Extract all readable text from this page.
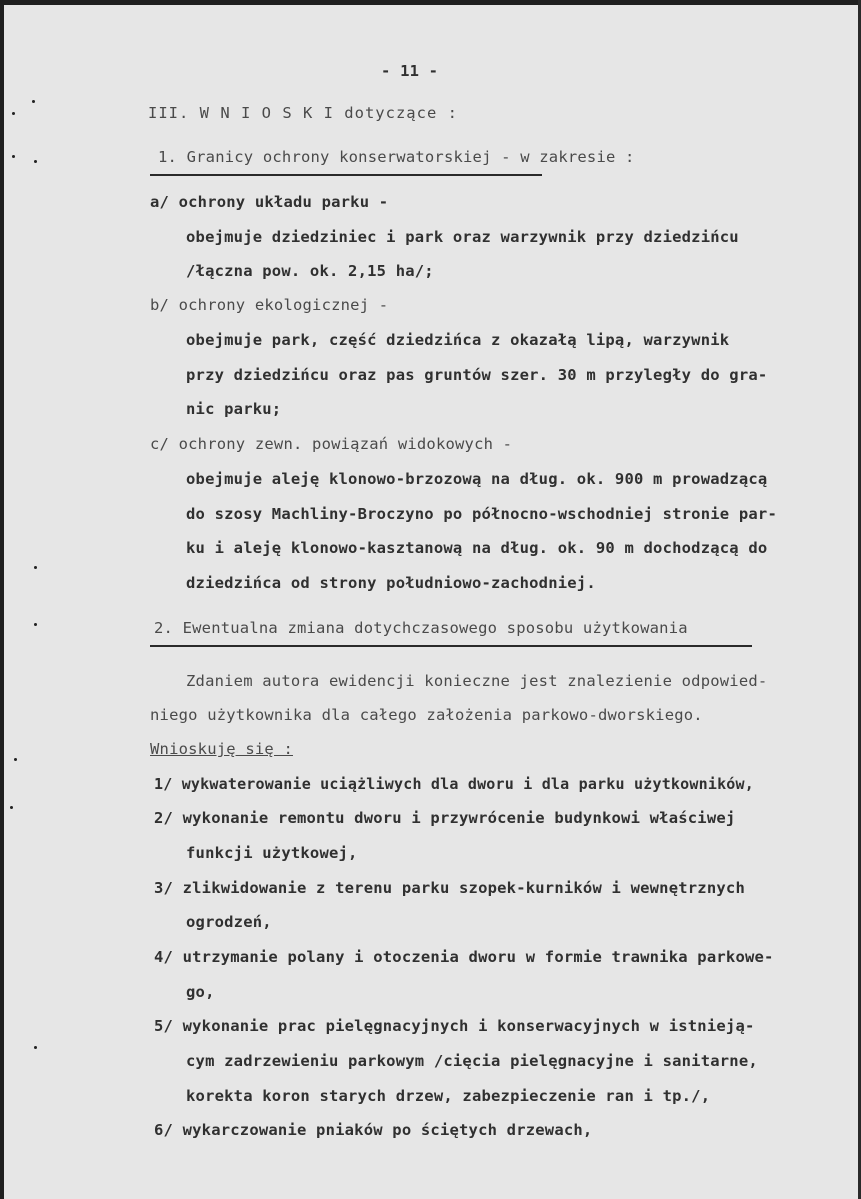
- 11 -
III. W N I O S K I dotyczące :
1. Granicy ochrony konserwatorskiej - w zakresie :
a/ ochrony układu parku -
obejmuje dziedziniec i park oraz warzywnik przy dziedzińcu
/łączna pow. ok. 2,15 ha/;
b/ ochrony ekologicznej -
obejmuje park, część dziedzińca z okazałą lipą, warzywnik
przy dziedzińcu oraz pas gruntów szer. 30 m przyległy do gra-
nic parku;
c/ ochrony zewn. powiązań widokowych -
obejmuje aleję klonowo-brzozową na dług. ok. 900 m prowadzącą
do szosy Machliny-Broczyno po północno-wschodniej stronie par-
ku i aleję klonowo-kasztanową na dług. ok. 90 m dochodzącą do
dziedzińca od strony południowo-zachodniej.
2. Ewentualna zmiana dotychczasowego sposobu użytkowania
Zdaniem autora ewidencji konieczne jest znalezienie odpowied-
niego użytkownika dla całego założenia parkowo-dworskiego.
Wnioskuję się :
1/ wykwaterowanie uciążliwych dla dworu i dla parku użytkowników,
2/ wykonanie remontu dworu i przywrócenie budynkowi właściwej
funkcji użytkowej,
3/ zlikwidowanie z terenu parku szopek-kurników i wewnętrznych
ogrodzeń,
4/ utrzymanie polany i otoczenia dworu w formie trawnika parkowe-
go,
5/ wykonanie prac pielęgnacyjnych i konserwacyjnych w istnieją-
cym zadrzewieniu parkowym /cięcia pielęgnacyjne i sanitarne,
korekta koron starych drzew, zabezpieczenie ran i tp./,
6/ wykarczowanie pniaków po ściętych drzewach,
